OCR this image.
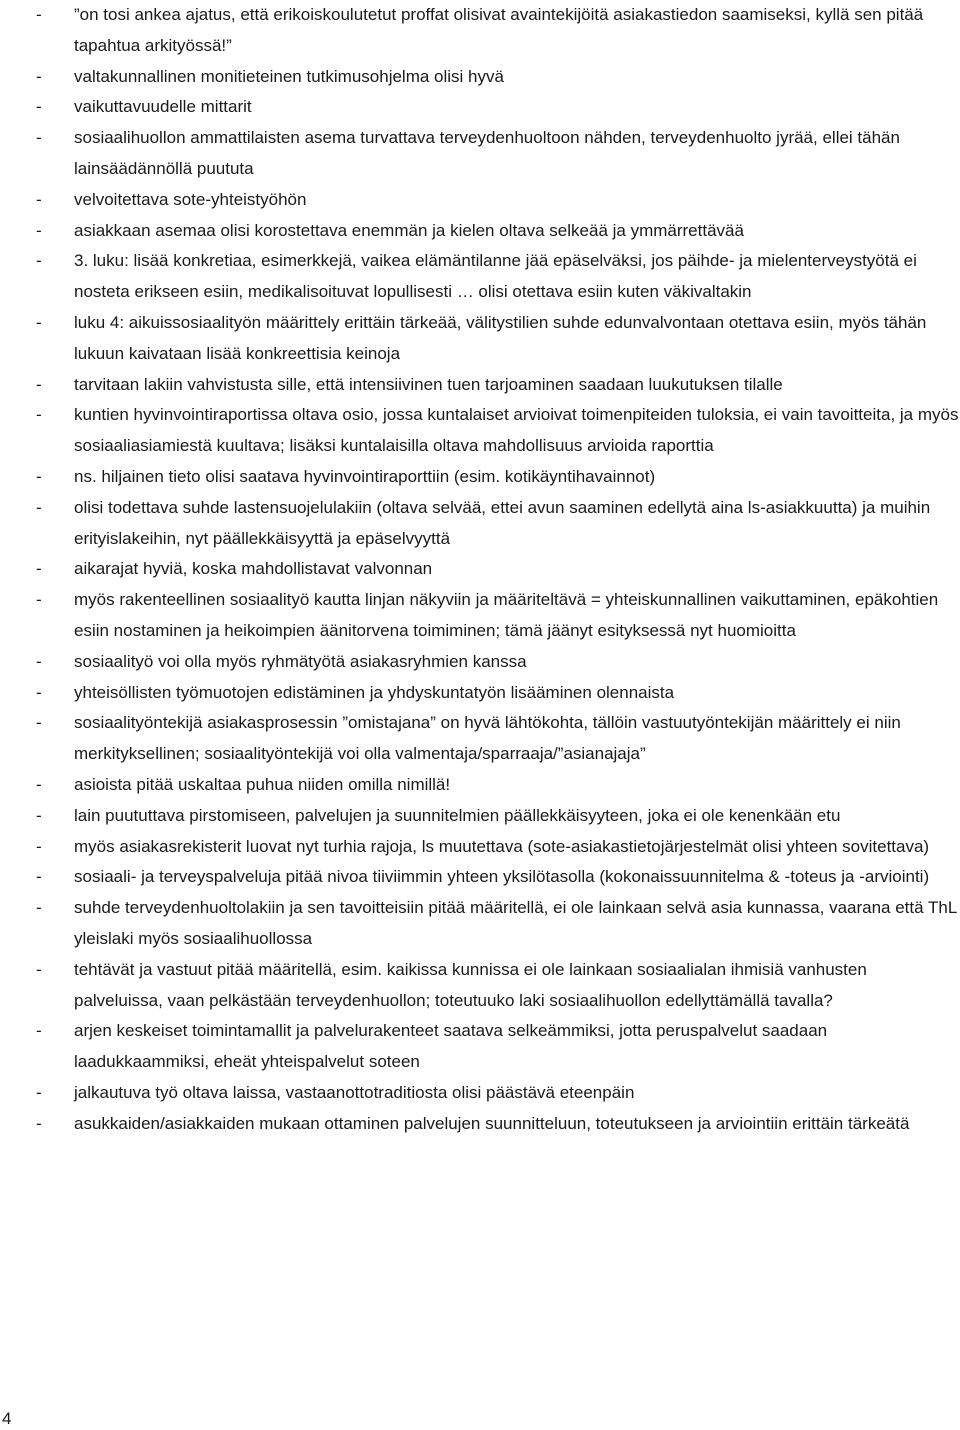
-	”on tosi ankea ajatus, että erikoiskoulutetut proffat olisivat avaintekijöitä asiakastiedon saamiseksi, kyllä sen pitää tapahtua arkityössä!”
-	valtakunnallinen monitieteinen tutkimusohjelma olisi hyvä
-	vaikuttavuudelle mittarit
-	sosiaalihuollon ammattilaisten asema turvattava terveydenhuoltoon nähden, terveydenhuolto jyrää, ellei tähän lainsäädännöllä puututa
-	velvoitettava sote-yhteistyöhön
-	asiakkaan asemaa olisi korostettava enemmän ja kielen oltava selkeää ja ymmärrettävää
-	3. luku: lisää konkretiaa, esimerkkejä, vaikea elämäntilanne jää epäselväksi, jos päihde- ja mielenterveystyötä ei nosteta erikseen esiin, medikalisoituvat lopullisesti … olisi otettava esiin kuten väkivaltakin
-	luku 4: aikuissosiaalityön määrittely erittäin tärkeää, välitystilien suhde edunvalvontaan otettava esiin, myös tähän lukuun kaivataan lisää konkreettisia keinoja
-	tarvitaan lakiin vahvistusta sille, että intensiivinen tuen tarjoaminen saadaan luukutuksen tilalle
-	kuntien hyvinvointiraportissa oltava osio, jossa kuntalaiset arvioivat toimenpiteiden tuloksia, ei vain tavoitteita, ja myös sosiaaliasiamiestä kuultava; lisäksi kuntalaisilla oltava mahdollisuus arvioida raporttia
-	ns. hiljainen tieto olisi saatava hyvinvointiraporttiin (esim. kotikäyntihavainnot)
-	olisi todettava suhde lastensuojelulakiin (oltava selvää, ettei avun saaminen edellytä aina ls-asiakkuutta) ja muihin erityislakeihin, nyt päällekkäisyyttä ja epäselvyyttä
-	aikarajat hyviä, koska mahdollistavat valvonnan
-	myös rakenteellinen sosiaalityö kautta linjan näkyviin ja määriteltävä = yhteiskunnallinen vaikuttaminen, epäkohtien esiin nostaminen ja heikoimpien äänitorvena toimiminen; tämä jäänyt esityksessä nyt huomioitta
-	sosiaalityö voi olla myös ryhmätyötä asiakasryhmien kanssa
-	yhteisöllisten työmuotojen edistäminen ja yhdyskuntatyön lisääminen olennaista
-	sosiaalityöntekijä asiakasprosessin ”omistajana” on hyvä lähtökohta, tällöin vastuutyöntekijän määrittely ei niin merkityksellinen; sosiaalityöntekijä voi olla valmentaja/sparraaja/”asianajaja”
-	asioista pitää uskaltaa puhua niiden omilla nimillä!
-	lain puututtava pirstomiseen, palvelujen ja suunnitelmien päällekkäisyyteen, joka ei ole kenenkään etu
-	myös asiakasrekisterit luovat nyt turhia rajoja, ls muutettava (sote-asiakastietojärjestelmät olisi yhteen sovitettava)
-	sosiaali- ja terveyspalveluja pitää nivoa tiiviimmin yhteen yksilötasolla (kokonaissuunnitelma & -toteus ja -arviointi)
-	suhde terveydenhuoltolakiin ja sen tavoitteisiin pitää määritellä, ei ole lainkaan selvä asia kunnassa, vaarana että ThL yleislaki myös sosiaalihuollossa
-	tehtävät ja vastuut pitää määritellä, esim. kaikissa kunnissa ei ole lainkaan sosiaalialan ihmisiä vanhusten palveluissa, vaan pelkästään terveydenhuollon; toteutuuko laki sosiaalihuollon edellyttämällä tavalla?
-	arjen keskeiset toimintamallit ja palvelurakenteet saatava selkeämmiksi, jotta peruspalvelut saadaan laadukkaammiksi, eheät yhteispalvelut soteen
-	jalkautuva työ oltava laissa, vastaanottotraditiosta olisi päästävä eteenpäin
-	asukkaiden/asiakkaiden mukaan ottaminen palvelujen suunnitteluun, toteutukseen ja arviointiin erittäin tärkeätä
4
